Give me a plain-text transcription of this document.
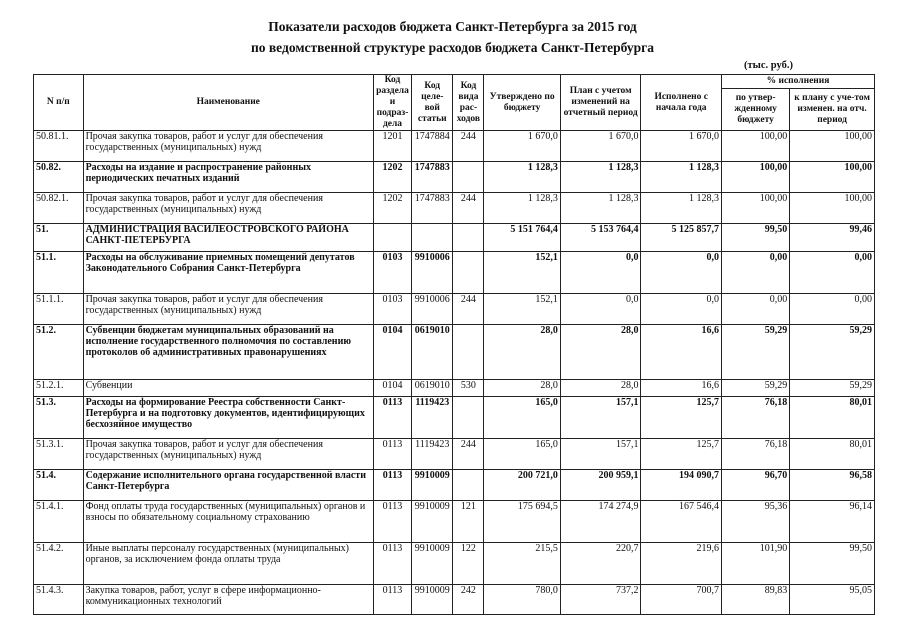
Показатели расходов бюджета Санкт-Петербурга за 2015 год
по ведомственной структуре расходов бюджета Санкт-Петербурга
(тыс. руб.)
N п/п	Наименование	Код раздела и подраз-дела	Код целе-вой статьи	Код вида рас-ходов	Утверждено по бюджету	План с учетом изменений на отчетный период	Исполнено с начала года	% исполнения	
								по утвер-жденному бюджету	к плану с уче-том изменен. на отч. период
50.81.1.	Прочая закупка товаров, работ и услуг для обеспечения государственных (муниципальных) нужд	1201	1747884	244	1 670,0	1 670,0	1 670,0	100,00	100,00
50.82.	Расходы на издание и распространение районных периодических печатных изданий	1202	1747883		1 128,3	1 128,3	1 128,3	100,00	100,00
50.82.1.	Прочая закупка товаров, работ и услуг для обеспечения государственных (муниципальных) нужд	1202	1747883	244	1 128,3	1 128,3	1 128,3	100,00	100,00
51.	АДМИНИСТРАЦИЯ ВАСИЛЕОСТРОВСКОГО РАЙОНА САНКТ-ПЕТЕРБУРГА				5 151 764,4	5 153 764,4	5 125 857,7	99,50	99,46
51.1.	Расходы на обслуживание приемных помещений депутатов Законодательного Собрания Санкт-Петербурга	0103	9910006		152,1	0,0	0,0	0,00	0,00
51.1.1.	Прочая закупка товаров, работ и услуг для обеспечения государственных (муниципальных) нужд	0103	9910006	244	152,1	0,0	0,0	0,00	0,00
51.2.	Субвенции бюджетам муниципальных образований на исполнение государственного полномочия по составлению протоколов об административных правонарушениях	0104	0619010		28,0	28,0	16,6	59,29	59,29
51.2.1.	Субвенции	0104	0619010	530	28,0	28,0	16,6	59,29	59,29
51.3.	Расходы на формирование Реестра собственности Санкт-Петербурга и на подготовку документов, идентифицирующих бесхозяйное имущество	0113	1119423		165,0	157,1	125,7	76,18	80,01
51.3.1.	Прочая закупка товаров, работ и услуг для обеспечения государственных (муниципальных) нужд	0113	1119423	244	165,0	157,1	125,7	76,18	80,01
51.4.	Содержание исполнительного органа государственной власти Санкт-Петербурга	0113	9910009		200 721,0	200 959,1	194 090,7	96,70	96,58
51.4.1.	Фонд оплаты труда государственных (муниципальных) органов и взносы по обязательному социальному страхованию	0113	9910009	121	175 694,5	174 274,9	167 546,4	95,36	96,14
51.4.2.	Иные выплаты персоналу государственных (муниципальных) органов, за исключением фонда оплаты труда	0113	9910009	122	215,5	220,7	219,6	101,90	99,50
51.4.3.	Закупка товаров, работ, услуг в сфере информационно-коммуникационных технологий	0113	9910009	242	780,0	737,2	700,7	89,83	95,05
